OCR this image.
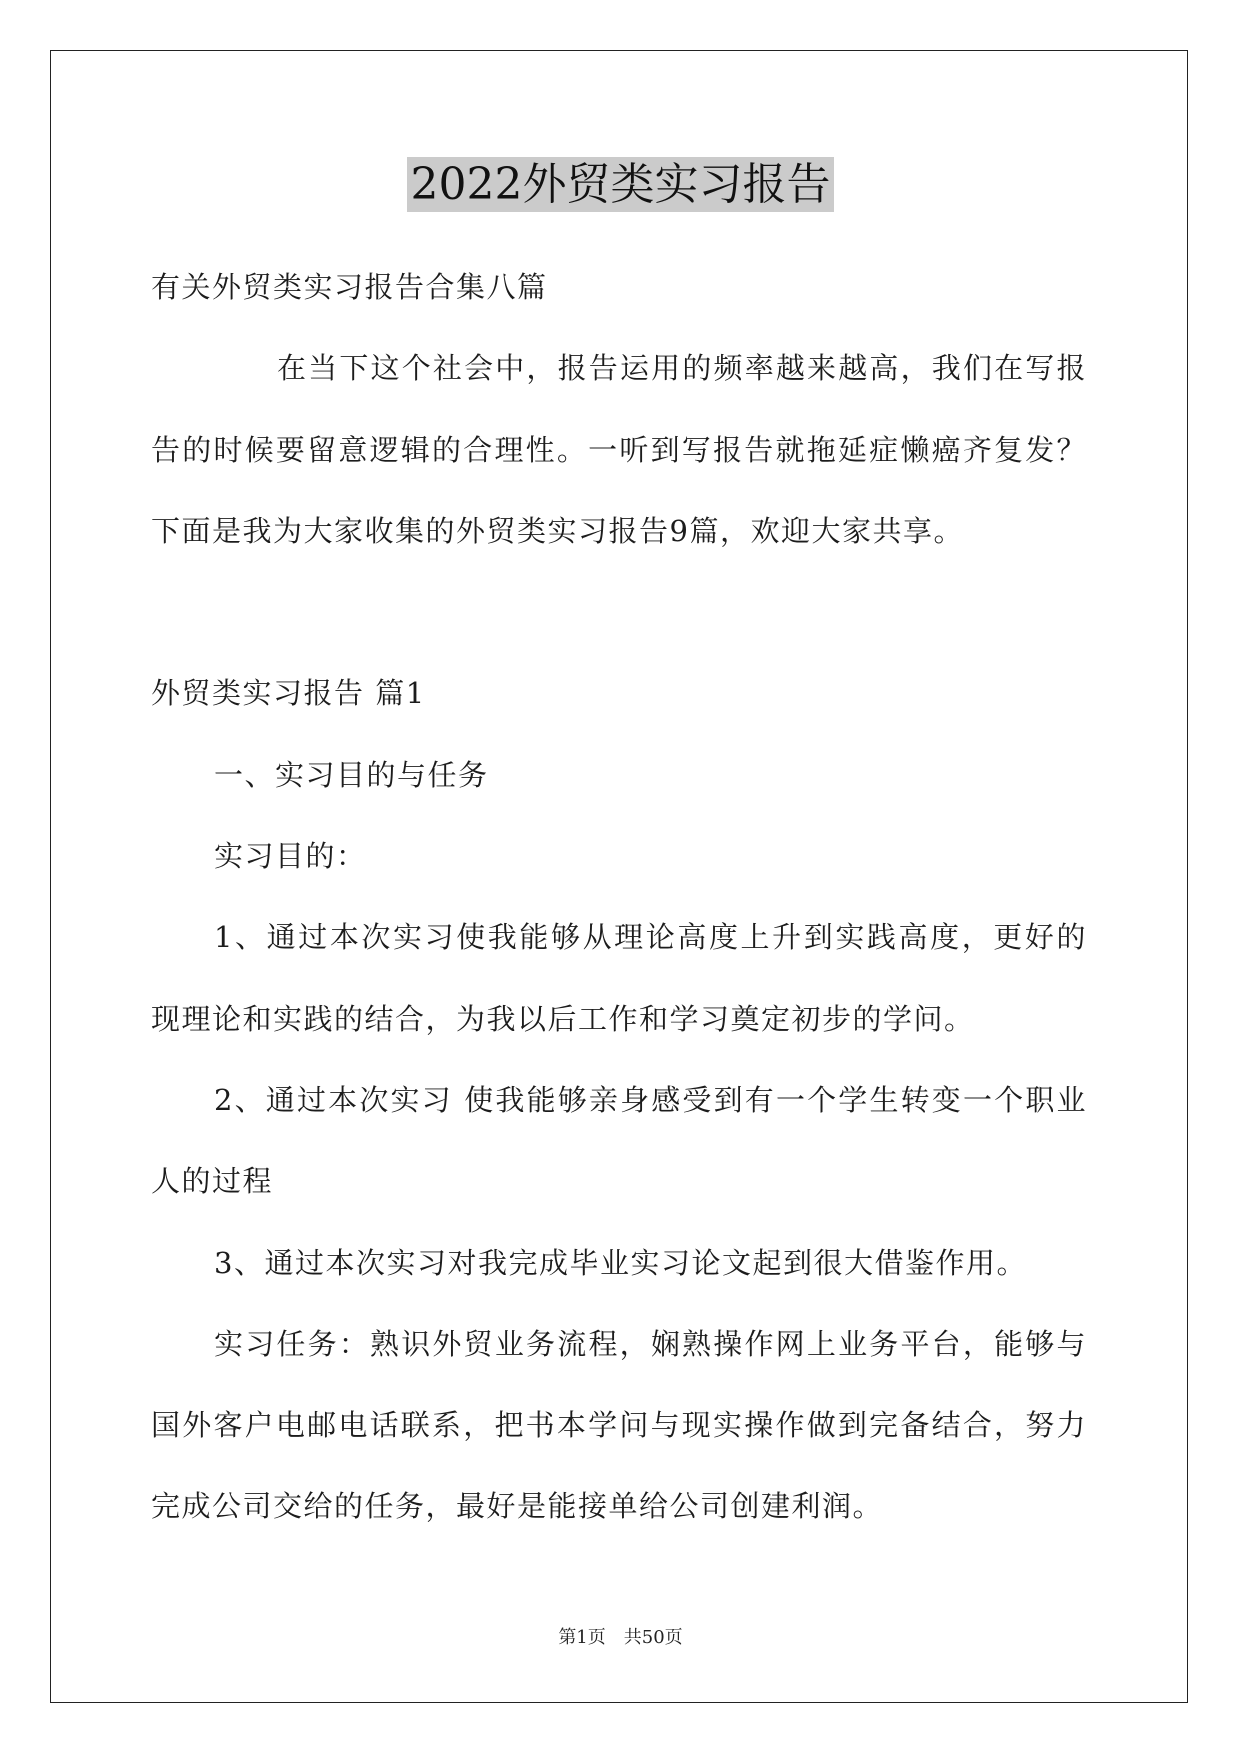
2022外贸类实习报告
有关外贸类实习报告合集八篇
在当下这个社会中，报告运用的频率越来越高，我们在写报
告的时候要留意逻辑的合理性。一听到写报告就拖延症懒癌齐复发？
下面是我为大家收集的外贸类实习报告9篇，欢迎大家共享。
外贸类实习报告 篇1
一、实习目的与任务
实习目的：
1、通过本次实习使我能够从理论高度上升到实践高度，更好的
现理论和实践的结合，为我以后工作和学习奠定初步的学问。
2、通过本次实习 使我能够亲身感受到有一个学生转变一个职业
人的过程
3、通过本次实习对我完成毕业实习论文起到很大借鉴作用。
实习任务：熟识外贸业务流程，娴熟操作网上业务平台，能够与
国外客户电邮电话联系，把书本学问与现实操作做到完备结合，努力
完成公司交给的任务，最好是能接单给公司创建利润。
第1页 共50页
